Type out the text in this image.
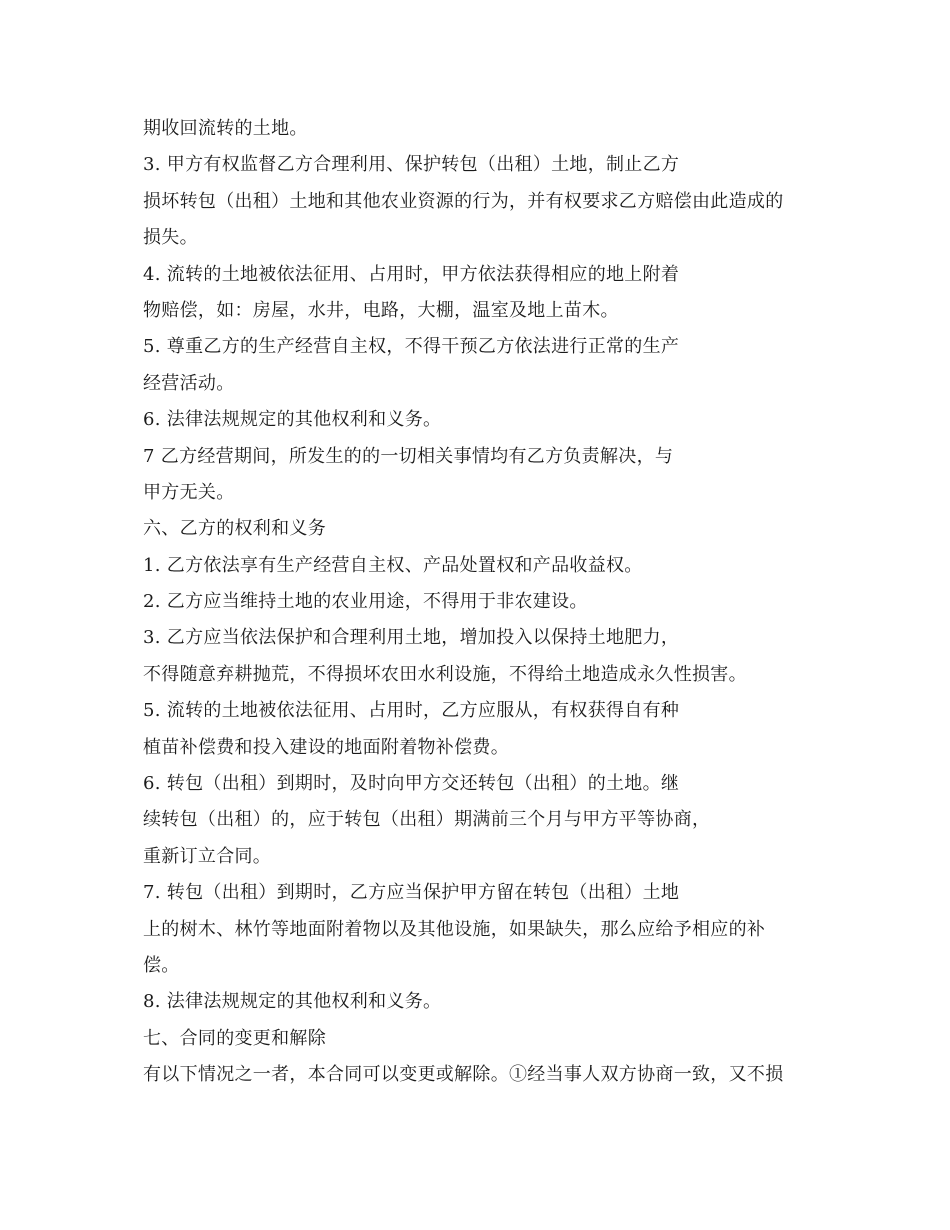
期收回流转的土地。
3. 甲方有权监督乙方合理利用、保护转包（出租）土地，制止乙方
损坏转包（出租）土地和其他农业资源的行为，并有权要求乙方赔偿由此造成的
损失。
4. 流转的土地被依法征用、占用时，甲方依法获得相应的地上附着
物赔偿，如：房屋，水井，电路，大棚，温室及地上苗木。
5. 尊重乙方的生产经营自主权，不得干预乙方依法进行正常的生产
经营活动。
6. 法律法规规定的其他权利和义务。
7 乙方经营期间，所发生的的一切相关事情均有乙方负责解决，与
甲方无关。
六、乙方的权利和义务
1. 乙方依法享有生产经营自主权、产品处置权和产品收益权。
2. 乙方应当维持土地的农业用途，不得用于非农建设。
3. 乙方应当依法保护和合理利用土地，增加投入以保持土地肥力，
不得随意弃耕抛荒，不得损坏农田水利设施，不得给土地造成永久性损害。
5. 流转的土地被依法征用、占用时，乙方应服从，有权获得自有种
植苗补偿费和投入建设的地面附着物补偿费。
6. 转包（出租）到期时，及时向甲方交还转包（出租）的土地。继
续转包（出租）的，应于转包（出租）期满前三个月与甲方平等协商，
重新订立合同。
7. 转包（出租）到期时，乙方应当保护甲方留在转包（出租）土地
上的树木、林竹等地面附着物以及其他设施，如果缺失，那么应给予相应的补
偿。
8. 法律法规规定的其他权利和义务。
七、合同的变更和解除
有以下情况之一者，本合同可以变更或解除。①经当事人双方协商一致，又不损
